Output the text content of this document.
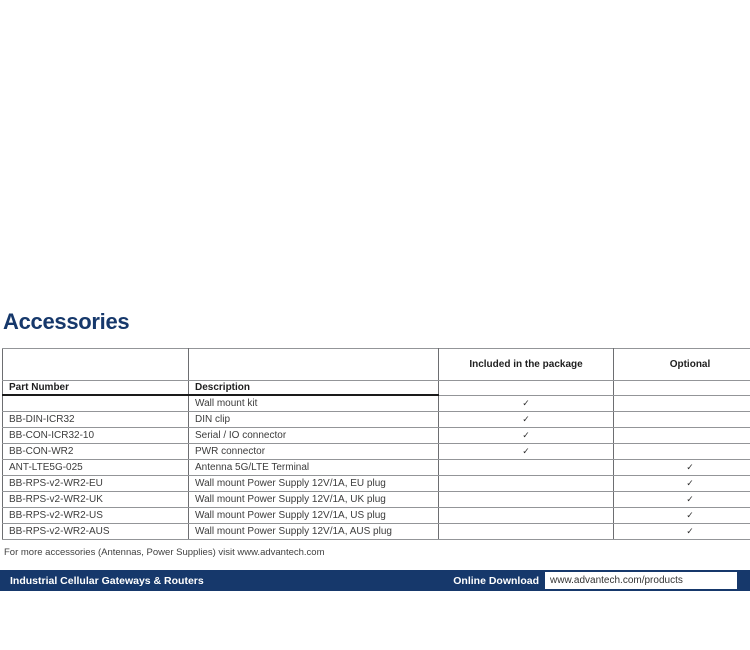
Accessories
		Included in the package	Optional
Part Number	Description		
	Wall mount kit	✓	
BB-DIN-ICR32	DIN clip	✓	
BB-CON-ICR32-10	Serial / IO connector	✓	
BB-CON-WR2	PWR connector	✓	
ANT-LTE5G-025	Antenna 5G/LTE Terminal		✓
BB-RPS-v2-WR2-EU	Wall mount Power Supply 12V/1A, EU plug		✓
BB-RPS-v2-WR2-UK	Wall mount Power Supply 12V/1A, UK plug		✓
BB-RPS-v2-WR2-US	Wall mount Power Supply 12V/1A, US plug		✓
BB-RPS-v2-WR2-AUS	Wall mount Power Supply 12V/1A, AUS plug		✓
For more accessories (Antennas, Power Supplies) visit www.advantech.com
Industrial Cellular Gateways & Routers	Online Download	www.advantech.com/products
